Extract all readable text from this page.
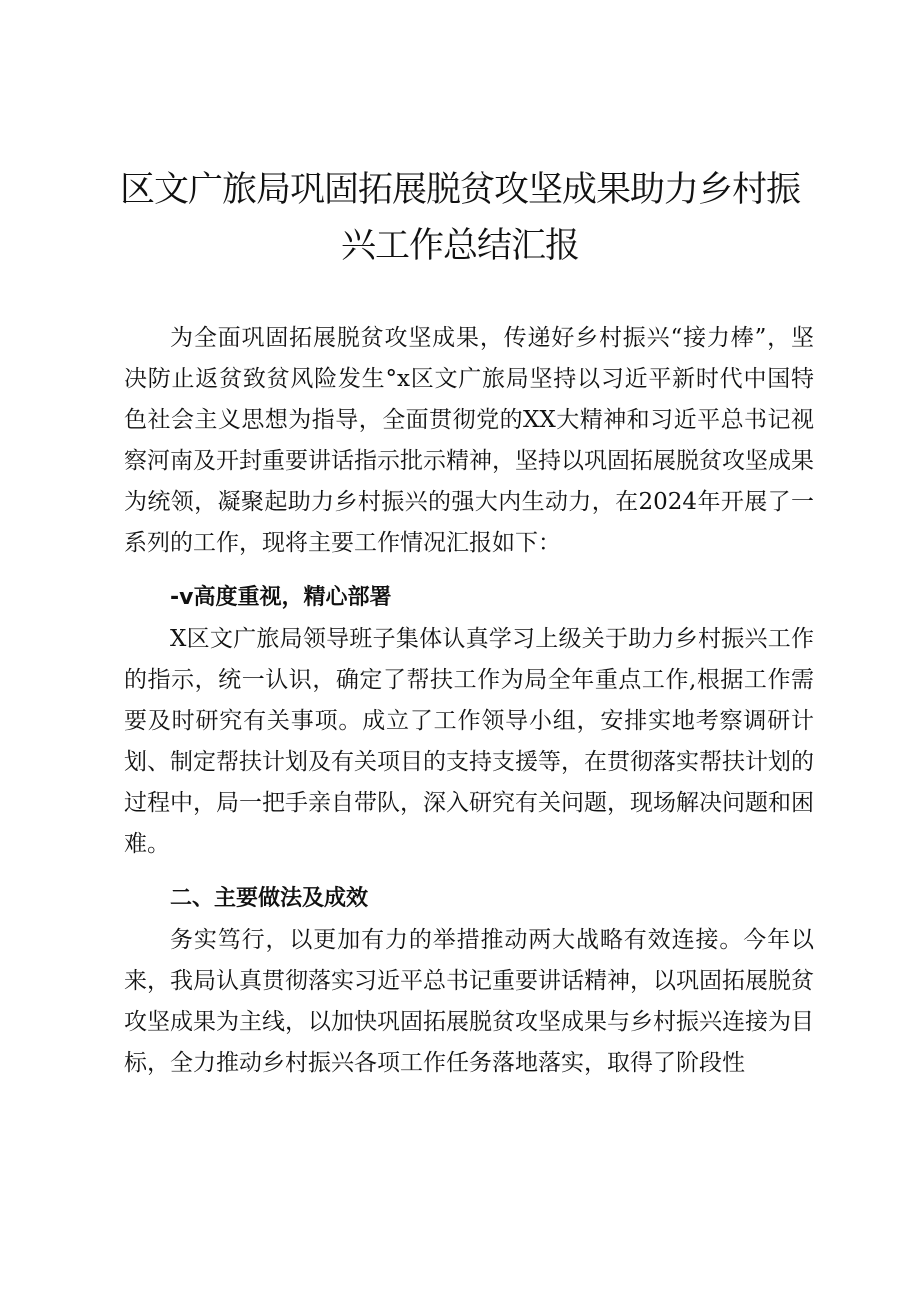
区文广旅局巩固拓展脱贫攻坚成果助力乡村振
兴工作总结汇报

为全面巩固拓展脱贫攻坚成果，传递好乡村振兴“接力棒”，坚决防止返贫致贫风险发生°x区文广旅局坚持以习近平新时代中国特色社会主义思想为指导，全面贯彻党的XX大精神和习近平总书记视察河南及开封重要讲话指示批示精神，坚持以巩固拓展脱贫攻坚成果为统领，凝聚起助力乡村振兴的强大内生动力，在2024年开展了一系列的工作，现将主要工作情况汇报如下：

-v高度重视，精心部署

X区文广旅局领导班子集体认真学习上级关于助力乡村振兴工作的指示，统一认识，确定了帮扶工作为局全年重点工作,根据工作需要及时研究有关事项。成立了工作领导小组，安排实地考察调研计划、制定帮扶计划及有关项目的支持支援等，在贯彻落实帮扶计划的过程中，局一把手亲自带队，深入研究有关问题，现场解决问题和困难。

二、主要做法及成效

务实笃行，以更加有力的举措推动两大战略有效连接。今年以来，我局认真贯彻落实习近平总书记重要讲话精神，以巩固拓展脱贫攻坚成果为主线，以加快巩固拓展脱贫攻坚成果与乡村振兴连接为目标，全力推动乡村振兴各项工作任务落地落实，取得了阶段性
